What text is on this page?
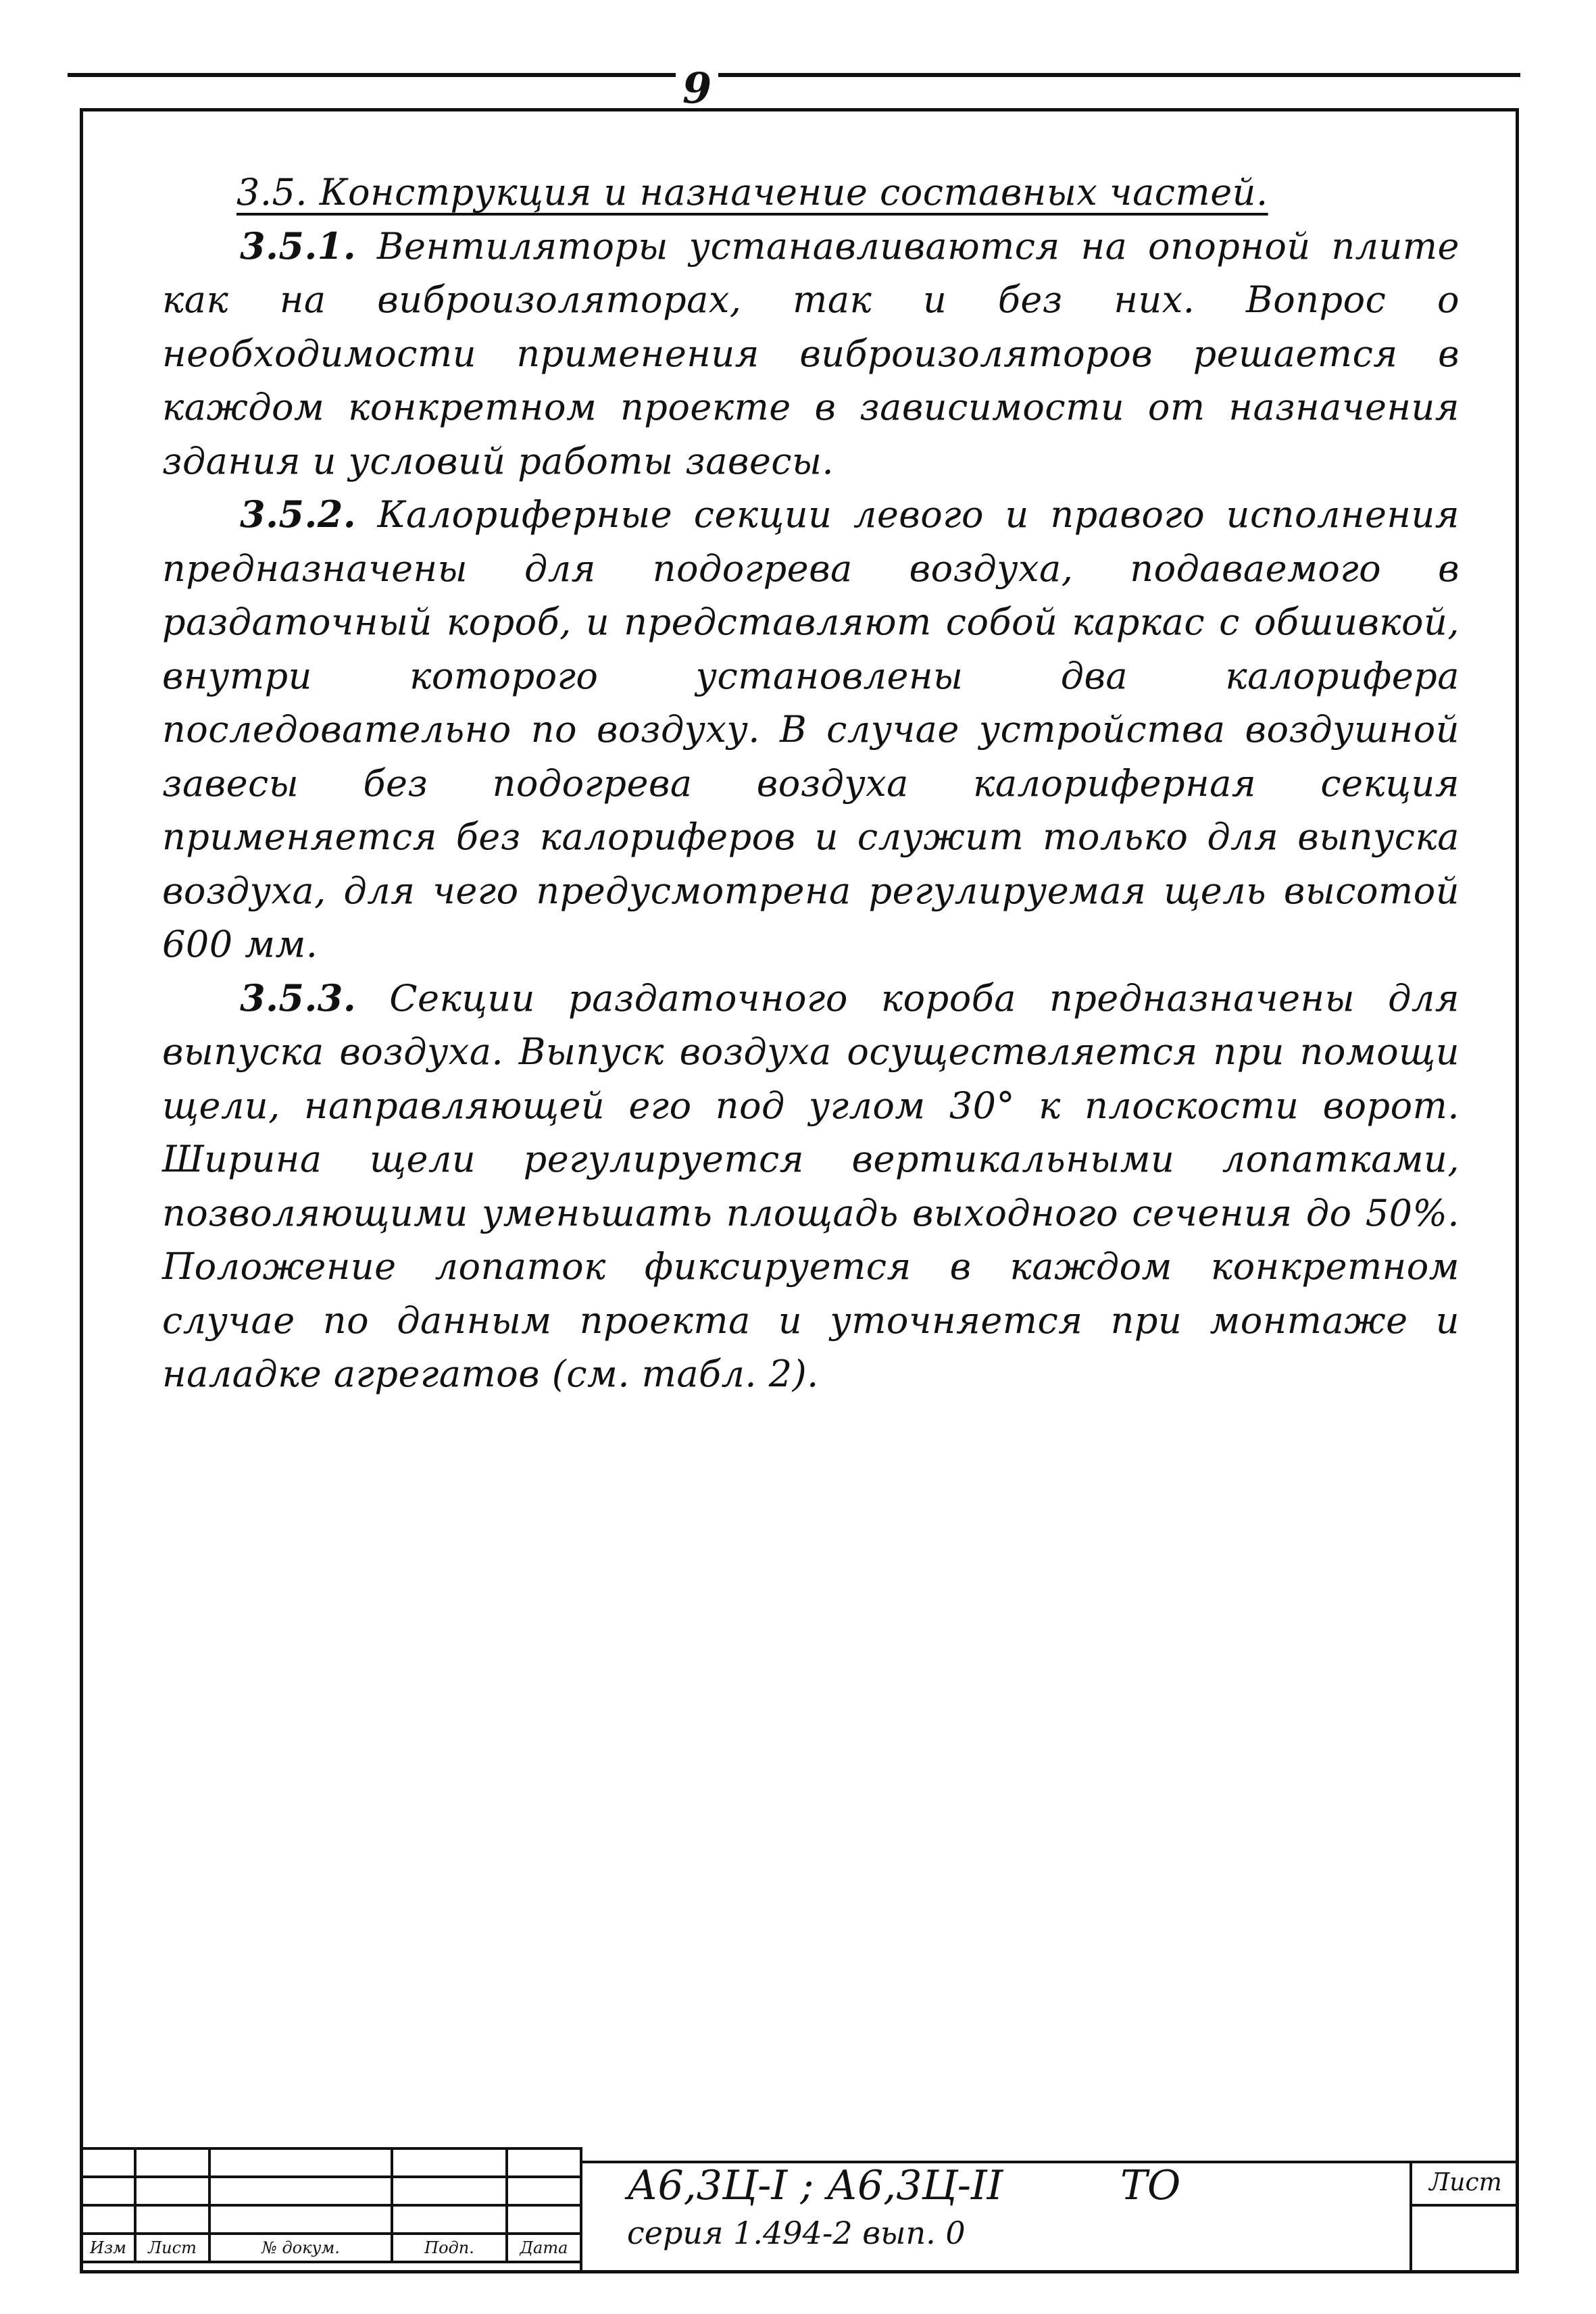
9
3.5. Конструкция и назначение составных частей.

3.5.1. Вентиляторы устанавливаются на опорной плите как на виброизоляторах, так и без них. Вопрос о необходимости применения виброизоляторов решается в каждом конкретном проекте в зависимости от назначения здания и условий работы завесы.

3.5.2. Калориферные секции левого и правого исполнения предназначены для подогрева воздуха, подаваемого в раздаточный короб, и представляют собой каркас с обшивкой, внутри которого установлены два калорифера последовательно по воздуху. В случае устройства воздушной завесы без подогрева воздуха калориферная секция применяется без калориферов и служит только для выпуска воздуха, для чего предусмотрена регулируемая щель высотой 600 мм.

3.5.3. Секции раздаточного короба предназначены для выпуска воздуха. Выпуск воздуха осуществляется при помощи щели, направляющей его под углом 30° к плоскости ворот. Ширина щели регулируется вертикальными лопатками, позволяющими уменьшать площадь выходного сечения до 50%. Положение лопаток фиксируется в каждом конкретном случае по данным проекта и уточняется при монтаже и наладке агрегатов (см. табл. 2).

Изм	Лист	№ докум.	Подп.	Дата
А6,3Ц-I ; А6,3Ц-II	ТО
серия 1.494-2 вып. 0
Лист
